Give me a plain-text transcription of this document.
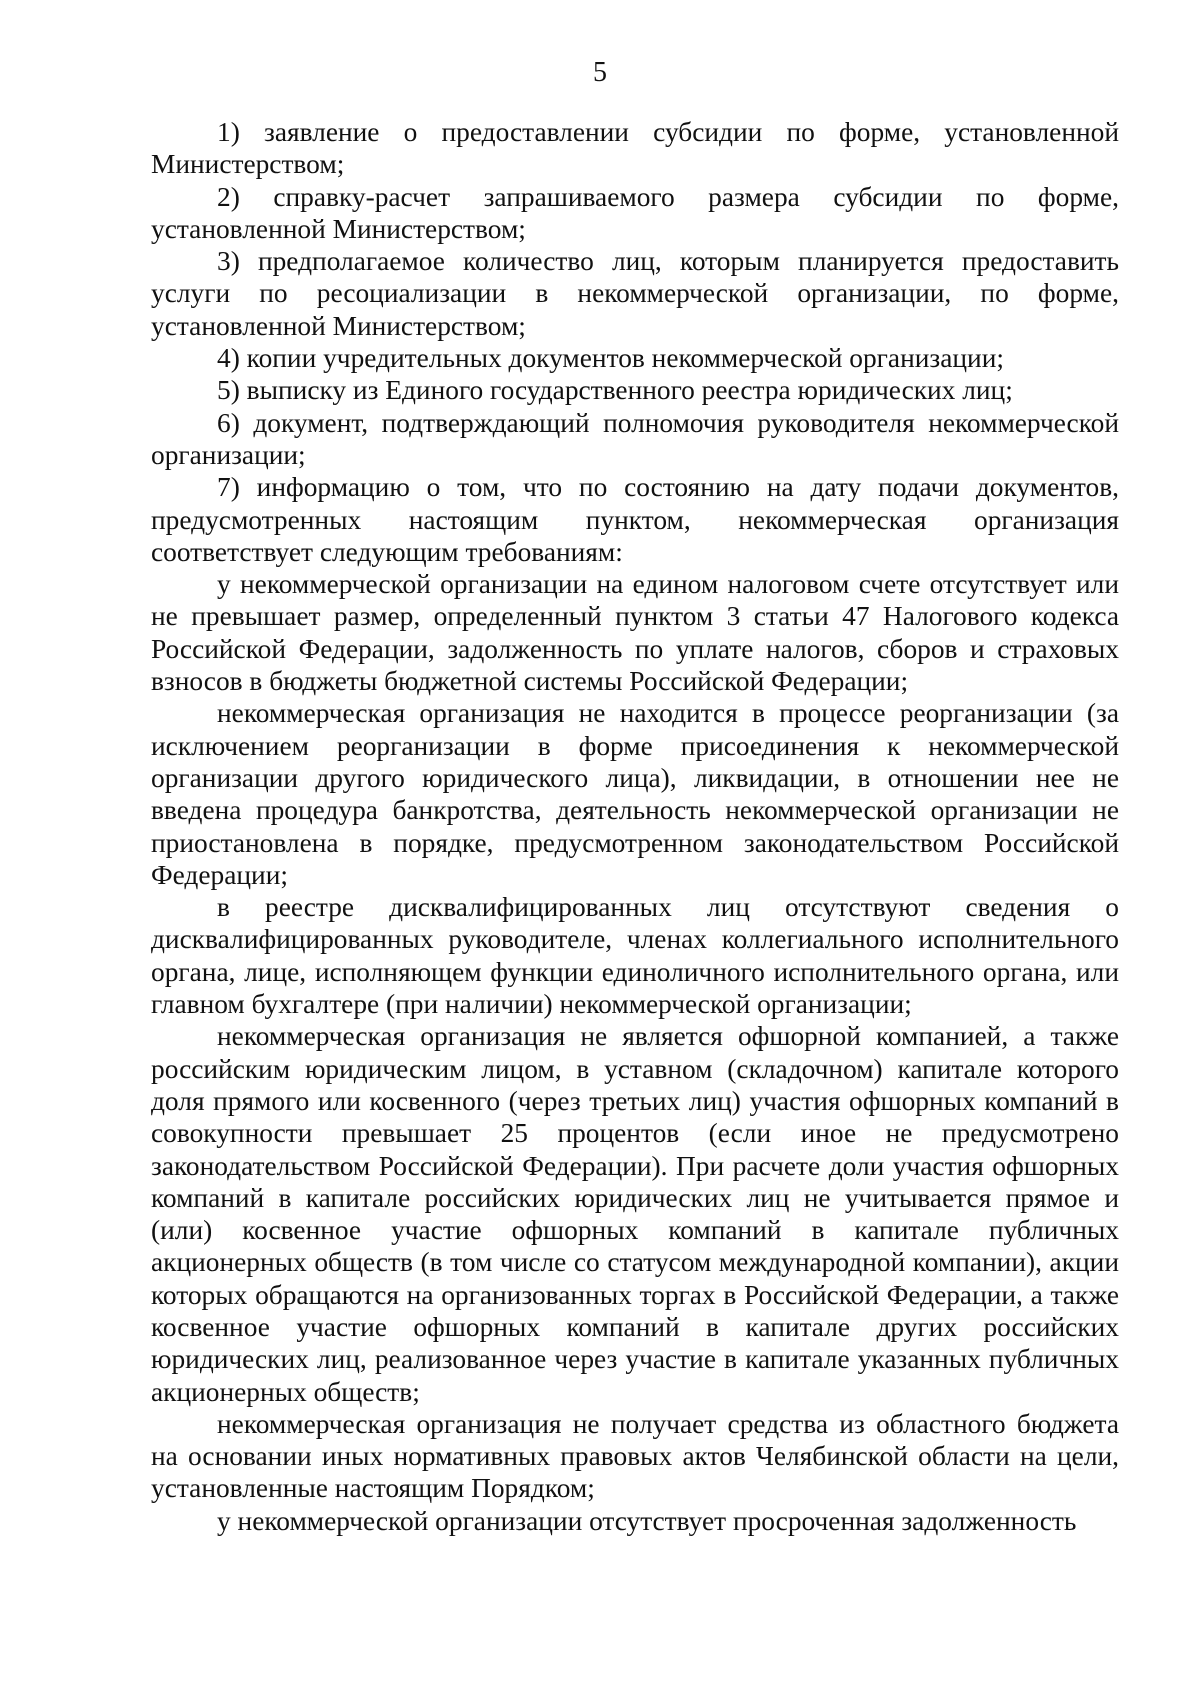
5

1) заявление о предоставлении субсидии по форме, установленной Министерством;

2) справку-расчет запрашиваемого размера субсидии по форме, установленной Министерством;

3) предполагаемое количество лиц, которым планируется предоставить услуги по ресоциализации в некоммерческой организации, по форме, установленной Министерством;

4) копии учредительных документов некоммерческой организации;

5) выписку из Единого государственного реестра юридических лиц;

6) документ, подтверждающий полномочия руководителя некоммерческой организации;

7) информацию о том, что по состоянию на дату подачи документов, предусмотренных настоящим пунктом, некоммерческая организация соответствует следующим требованиям:

у некоммерческой организации на едином налоговом счете отсутствует или не превышает размер, определенный пунктом 3 статьи 47 Налогового кодекса Российской Федерации, задолженность по уплате налогов, сборов и страховых взносов в бюджеты бюджетной системы Российской Федерации;

некоммерческая организация не находится в процессе реорганизации (за исключением реорганизации в форме присоединения к некоммерческой организации другого юридического лица), ликвидации, в отношении нее не введена процедура банкротства, деятельность некоммерческой организации не приостановлена в порядке, предусмотренном законодательством Российской Федерации;

в реестре дисквалифицированных лиц отсутствуют сведения о дисквалифицированных руководителе, членах коллегиального исполнительного органа, лице, исполняющем функции единоличного исполнительного органа, или главном бухгалтере (при наличии) некоммерческой организации;

некоммерческая организация не является офшорной компанией, а также российским юридическим лицом, в уставном (складочном) капитале которого доля прямого или косвенного (через третьих лиц) участия офшорных компаний в совокупности превышает 25 процентов (если иное не предусмотрено законодательством Российской Федерации). При расчете доли участия офшорных компаний в капитале российских юридических лиц не учитывается прямое и (или) косвенное участие офшорных компаний в капитале публичных акционерных обществ (в том числе со статусом международной компании), акции которых обращаются на организованных торгах в Российской Федерации, а также косвенное участие офшорных компаний в капитале других российских юридических лиц, реализованное через участие в капитале указанных публичных акционерных обществ;

некоммерческая организация не получает средства из областного бюджета на основании иных нормативных правовых актов Челябинской области на цели, установленные настоящим Порядком;

у некоммерческой организации отсутствует просроченная задолженность
